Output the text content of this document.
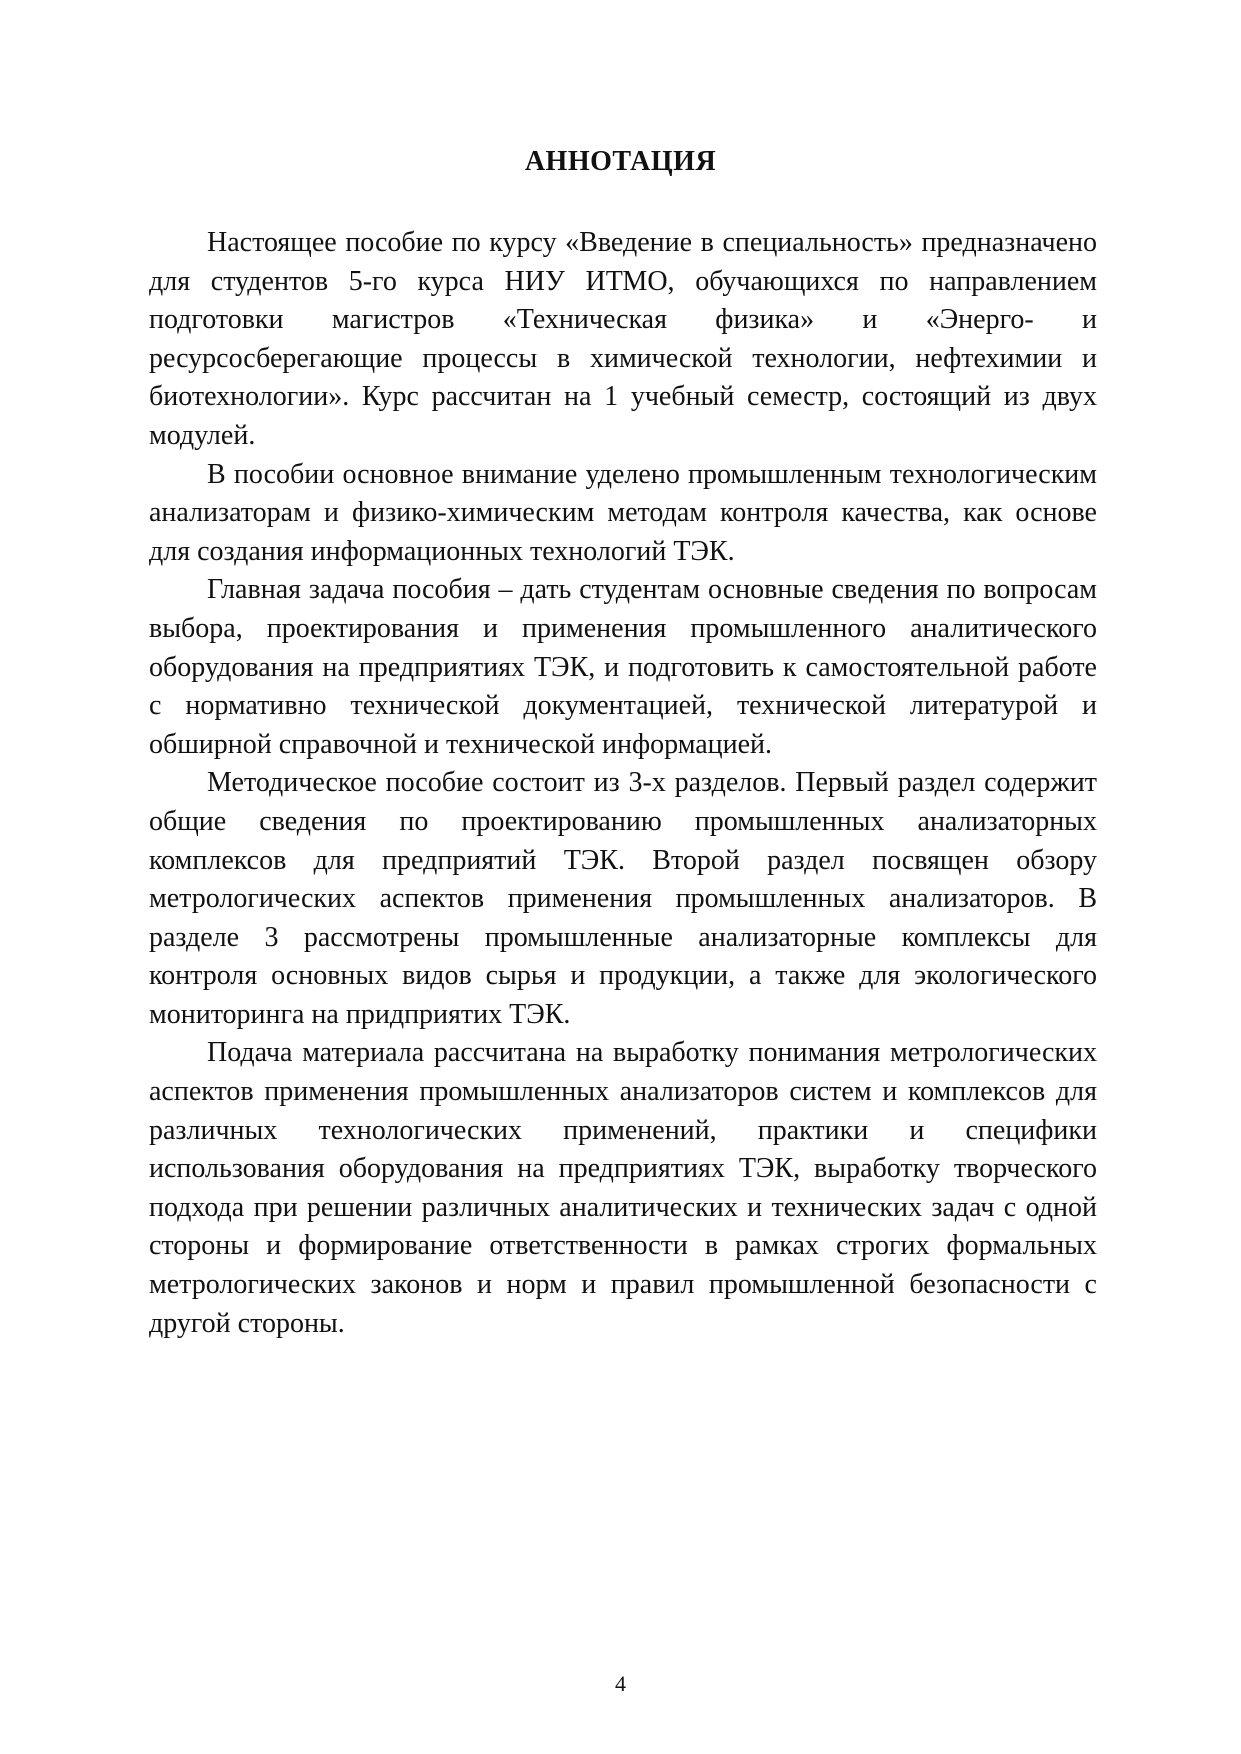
АННОТАЦИЯ

Настоящее пособие по курсу «Введение в специальность» предназначено для студентов 5-го курса НИУ ИТМО, обучающихся по направлением подготовки магистров «Техническая физика» и «Энерго- и ресурсосберегающие процессы в химической технологии, нефтехимии и биотехнологии». Курс рассчитан на 1 учебный семестр, состоящий из двух модулей.

В пособии основное внимание уделено промышленным технологическим анализаторам и физико-химическим методам контроля качества, как основе для создания информационных технологий ТЭК.

Главная задача пособия – дать студентам основные сведения по вопросам выбора, проектирования и применения промышленного аналитического оборудования на предприятиях ТЭК, и подготовить к самостоятельной работе с нормативно технической документацией, технической литературой и обширной справочной и технической информацией.

Методическое пособие состоит из 3-х разделов. Первый раздел содержит общие сведения по проектированию промышленных анализаторных комплексов для предприятий ТЭК. Второй раздел посвящен обзору метрологических аспектов применения промышленных анализаторов. В разделе 3 рассмотрены промышленные анализаторные комплексы для контроля основных видов сырья и продукции, а также для экологического мониторинга на придприятих ТЭК.

Подача материала рассчитана на выработку понимания метрологических аспектов применения промышленных анализаторов систем и комплексов для различных технологических применений, практики и специфики использования оборудования на предприятиях ТЭК, выработку творческого подхода при решении различных аналитических и технических задач с одной стороны и формирование ответственности в рамках строгих формальных метрологических законов и норм и правил промышленной безопасности с другой стороны.

4
